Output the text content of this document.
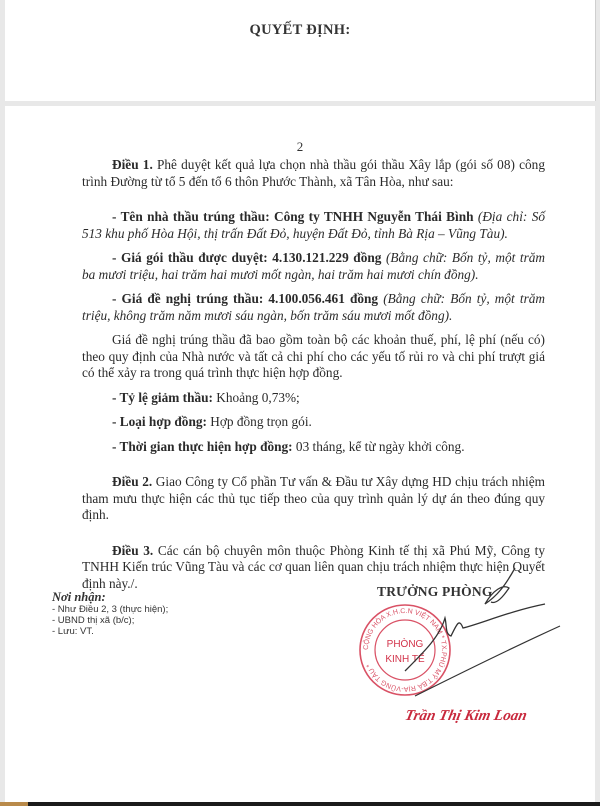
QUYẾT ĐỊNH:
2

Điều 1. Phê duyệt kết quả lựa chọn nhà thầu gói thầu Xây lắp (gói số 08) công trình Đường từ tổ 5 đến tổ 6 thôn Phước Thành, xã Tân Hòa, như sau:

- Tên nhà thầu trúng thầu: Công ty TNHH Nguyễn Thái Bình (Địa chỉ: Số 513 khu phố Hòa Hội, thị trấn Đất Đỏ, huyện Đất Đỏ, tỉnh Bà Rịa – Vũng Tàu).

- Giá gói thầu được duyệt: 4.130.121.229 đồng (Bằng chữ: Bốn tỷ, một trăm ba mươi triệu, hai trăm hai mươi mốt ngàn, hai trăm hai mươi chín đồng).

- Giá đề nghị trúng thầu: 4.100.056.461 đồng (Bằng chữ: Bốn tỷ, một trăm triệu, không trăm năm mươi sáu ngàn, bốn trăm sáu mươi mốt đồng).

Giá đề nghị trúng thầu đã bao gồm toàn bộ các khoản thuế, phí, lệ phí (nếu có) theo quy định của Nhà nước và tất cả chi phí cho các yếu tố rủi ro và chi phí trượt giá có thể xảy ra trong quá trình thực hiện hợp đồng.

- Tỷ lệ giảm thầu: Khoảng 0,73%;

- Loại hợp đồng: Hợp đồng trọn gói.

- Thời gian thực hiện hợp đồng: 03 tháng, kể từ ngày khởi công.

Điều 2. Giao Công ty Cổ phần Tư vấn & Đầu tư Xây dựng HD chịu trách nhiệm tham mưu thực hiện các thủ tục tiếp theo của quy trình quản lý dự án theo đúng quy định.

Điều 3. Các cán bộ chuyên môn thuộc Phòng Kinh tế thị xã Phú Mỹ, Công ty TNHH Kiến trúc Vũng Tàu và các cơ quan liên quan chịu trách nhiệm thực hiện Quyết định này./.

Nơi nhận:
- Như Điều 2, 3 (thực hiện);
- UBND thị xã (b/c);
- Lưu: VT.
TRƯỞNG PHÒNG
CỘNG HÒA X.H.C.N VIỆT NAM * TX.PHÚ MỸ T.BÀ RỊA-VŨNG TÀU *
PHÒNG
KINH TẾ
Trần Thị Kim Loan
